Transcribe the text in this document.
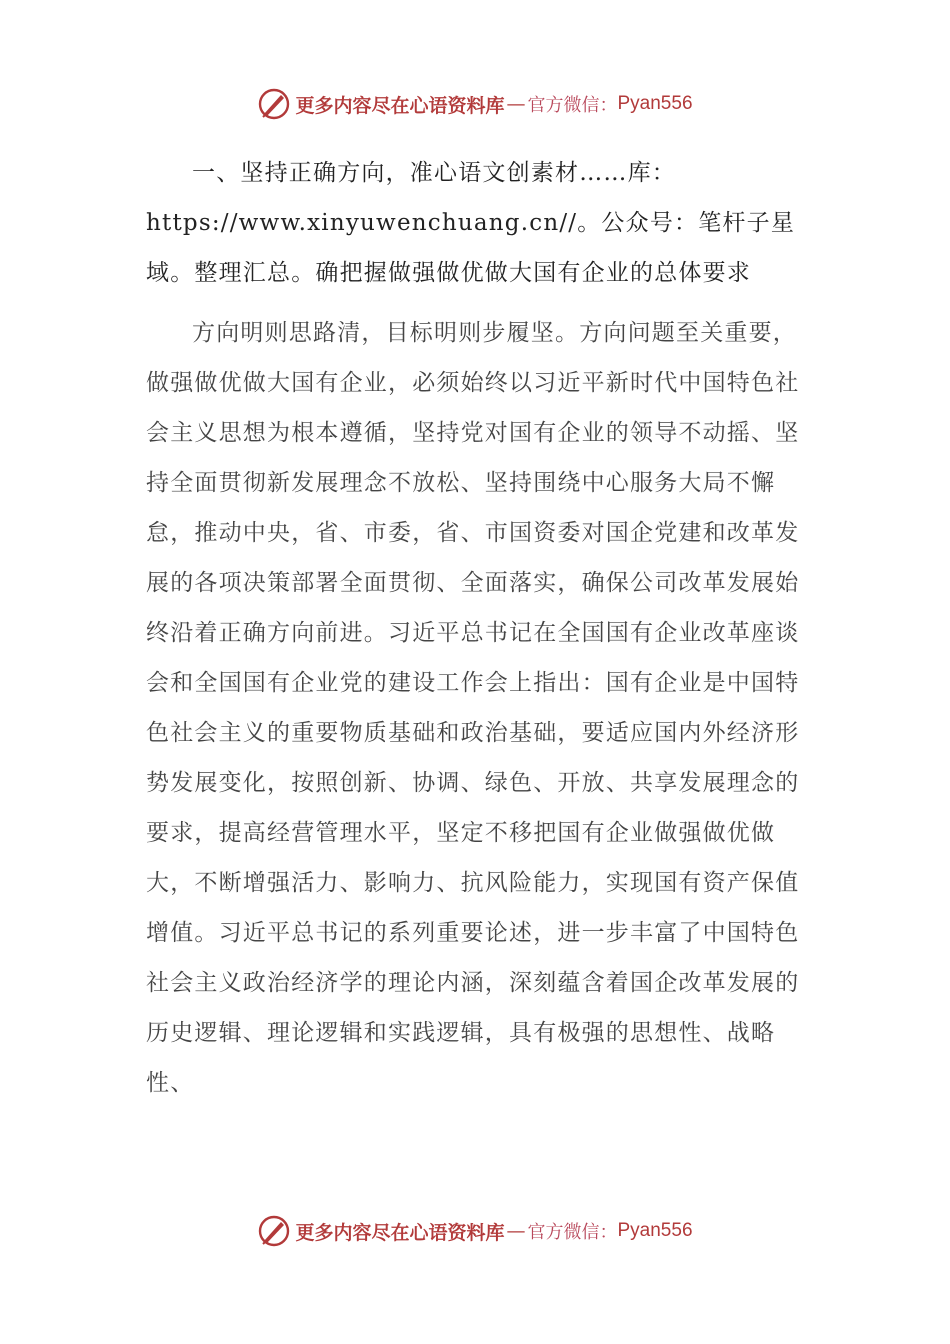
更多内容尽在心语资料库 — 官方微信： Pyan556

一、坚持正确方向，准心语文创素材……库：https://www.xinyuwenchuang.cn//。公众号：笔杆子星域。整理汇总。确把握做强做优做大国有企业的总体要求

方向明则思路清，目标明则步履坚。方向问题至关重要，做强做优做大国有企业，必须始终以习近平新时代中国特色社会主义思想为根本遵循，坚持党对国有企业的领导不动摇、坚持全面贯彻新发展理念不放松、坚持围绕中心服务大局不懈怠，推动中央，省、市委，省、市国资委对国企党建和改革发展的各项决策部署全面贯彻、全面落实，确保公司改革发展始终沿着正确方向前进。习近平总书记在全国国有企业改革座谈会和全国国有企业党的建设工作会上指出：国有企业是中国特色社会主义的重要物质基础和政治基础，要适应国内外经济形势发展变化，按照创新、协调、绿色、开放、共享发展理念的要求，提高经营管理水平，坚定不移把国有企业做强做优做大，不断增强活力、影响力、抗风险能力，实现国有资产保值增值。习近平总书记的系列重要论述，进一步丰富了中国特色社会主义政治经济学的理论内涵，深刻蕴含着国企改革发展的历史逻辑、理论逻辑和实践逻辑，具有极强的思想性、战略性、

更多内容尽在心语资料库 — 官方微信： Pyan556
